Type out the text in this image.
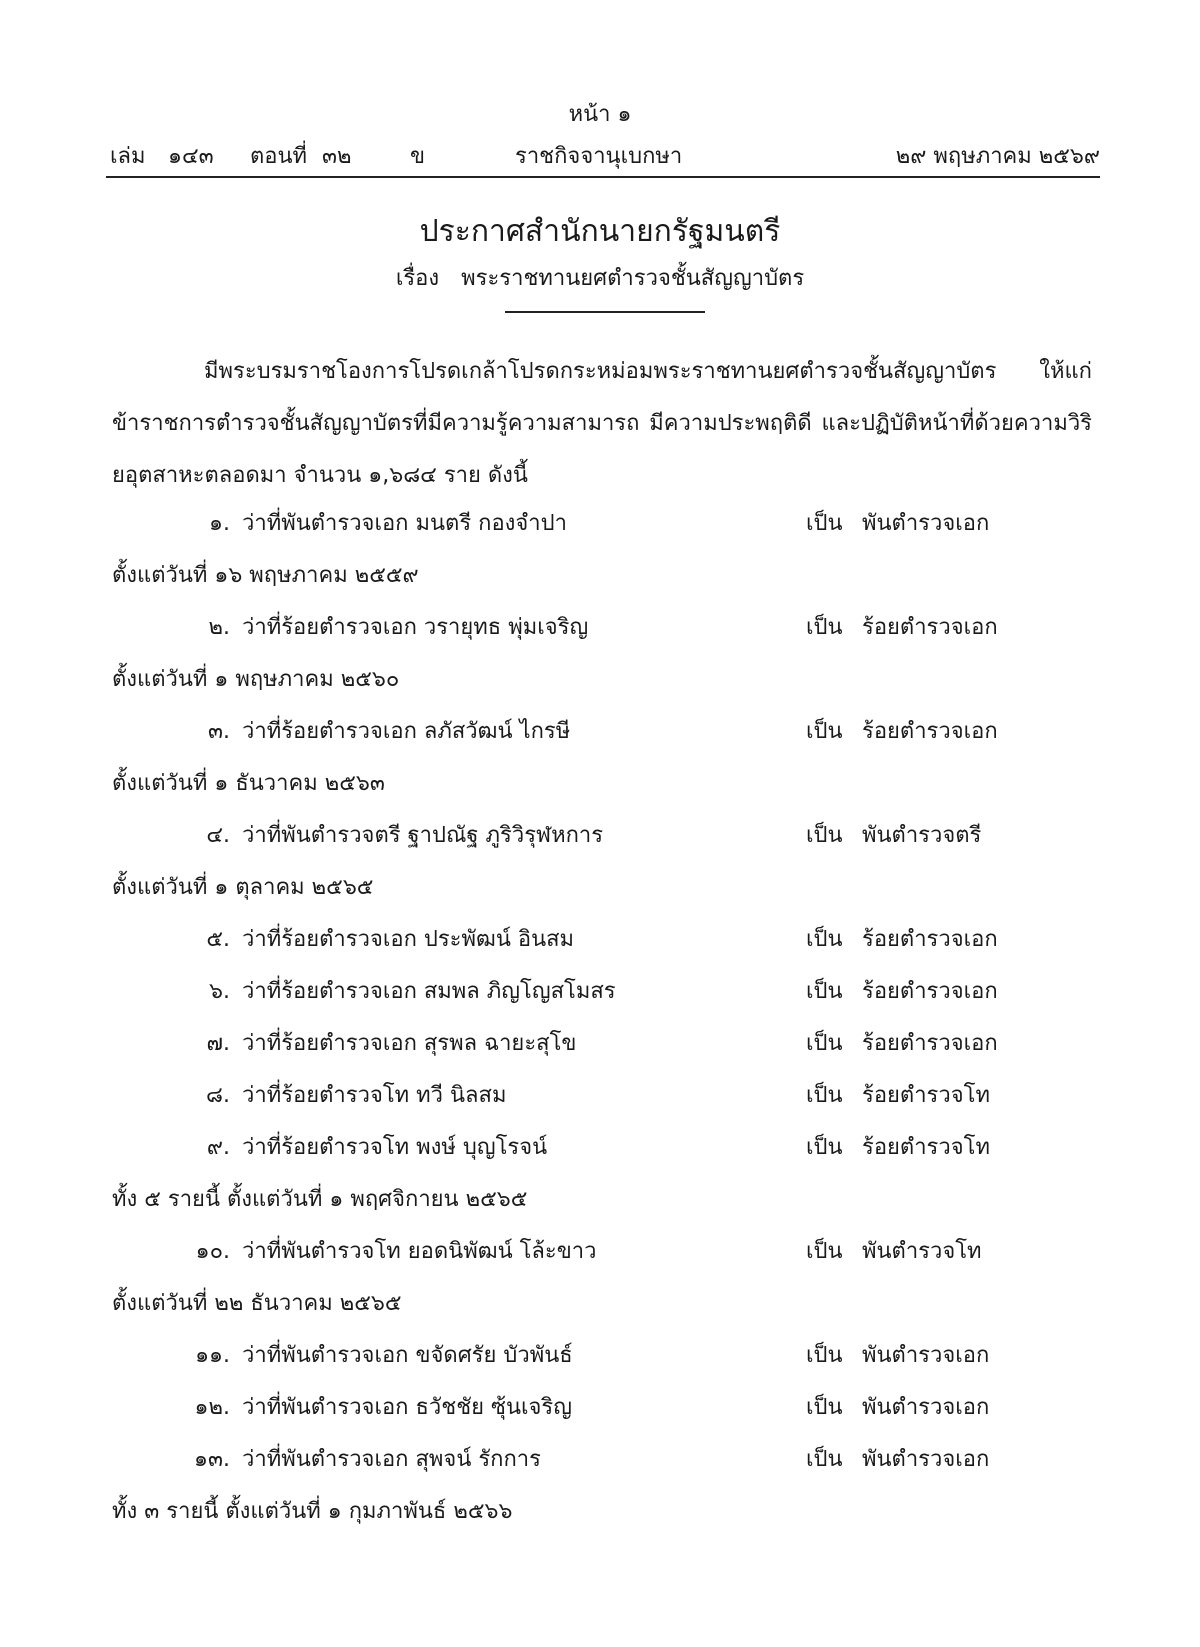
หน้า ๑
เล่ม ๑๔๓ ตอนที่ ๓๒	ข	ราชกิจจานุเบกษา	๒๙ พฤษภาคม ๒๕๖๙
ประกาศสำนักนายกรัฐมนตรี
เรื่อง พระราชทานยศตำรวจชั้นสัญญาบัตร

มีพระบรมราชโองการโปรดเกล้าโปรดกระหม่อมพระราชทานยศตำรวจชั้นสัญญาบัตร ให้แก่ ข้าราชการตำรวจชั้นสัญญาบัตรที่มีความรู้ความสามารถ มีความประพฤติดี และปฏิบัติหน้าที่ด้วยความวิริยอุตสาหะตลอดมา จำนวน ๑,๖๘๔ ราย ดังนี้

๑. ว่าที่พันตำรวจเอก มนตรี กองจำปา	เป็น พันตำรวจเอก
ตั้งแต่วันที่ ๑๖ พฤษภาคม ๒๕๕๙
๒. ว่าที่ร้อยตำรวจเอก วรายุทธ พุ่มเจริญ	เป็น ร้อยตำรวจเอก
ตั้งแต่วันที่ ๑ พฤษภาคม ๒๕๖๐
๓. ว่าที่ร้อยตำรวจเอก ลภัสวัฒน์ ไกรษี	เป็น ร้อยตำรวจเอก
ตั้งแต่วันที่ ๑ ธันวาคม ๒๕๖๓
๔. ว่าที่พันตำรวจตรี ฐาปณัฐ ภูริวิรุฬหการ	เป็น พันตำรวจตรี
ตั้งแต่วันที่ ๑ ตุลาคม ๒๕๖๕
๕. ว่าที่ร้อยตำรวจเอก ประพัฒน์ อินสม	เป็น ร้อยตำรวจเอก
๖. ว่าที่ร้อยตำรวจเอก สมพล ภิญโญสโมสร	เป็น ร้อยตำรวจเอก
๗. ว่าที่ร้อยตำรวจเอก สุรพล ฉายะสุโข	เป็น ร้อยตำรวจเอก
๘. ว่าที่ร้อยตำรวจโท ทวี นิลสม	เป็น ร้อยตำรวจโท
๙. ว่าที่ร้อยตำรวจโท พงษ์ บุญโรจน์	เป็น ร้อยตำรวจโท
ทั้ง ๕ รายนี้ ตั้งแต่วันที่ ๑ พฤศจิกายน ๒๕๖๕
๑๐. ว่าที่พันตำรวจโท ยอดนิพัฒน์ โล้ะขาว	เป็น พันตำรวจโท
ตั้งแต่วันที่ ๒๒ ธันวาคม ๒๕๖๕
๑๑. ว่าที่พันตำรวจเอก ขจัดศรัย บัวพันธ์	เป็น พันตำรวจเอก
๑๒. ว่าที่พันตำรวจเอก ธวัชชัย ซุ้นเจริญ	เป็น พันตำรวจเอก
๑๓. ว่าที่พันตำรวจเอก สุพจน์ รักการ	เป็น พันตำรวจเอก
ทั้ง ๓ รายนี้ ตั้งแต่วันที่ ๑ กุมภาพันธ์ ๒๕๖๖
